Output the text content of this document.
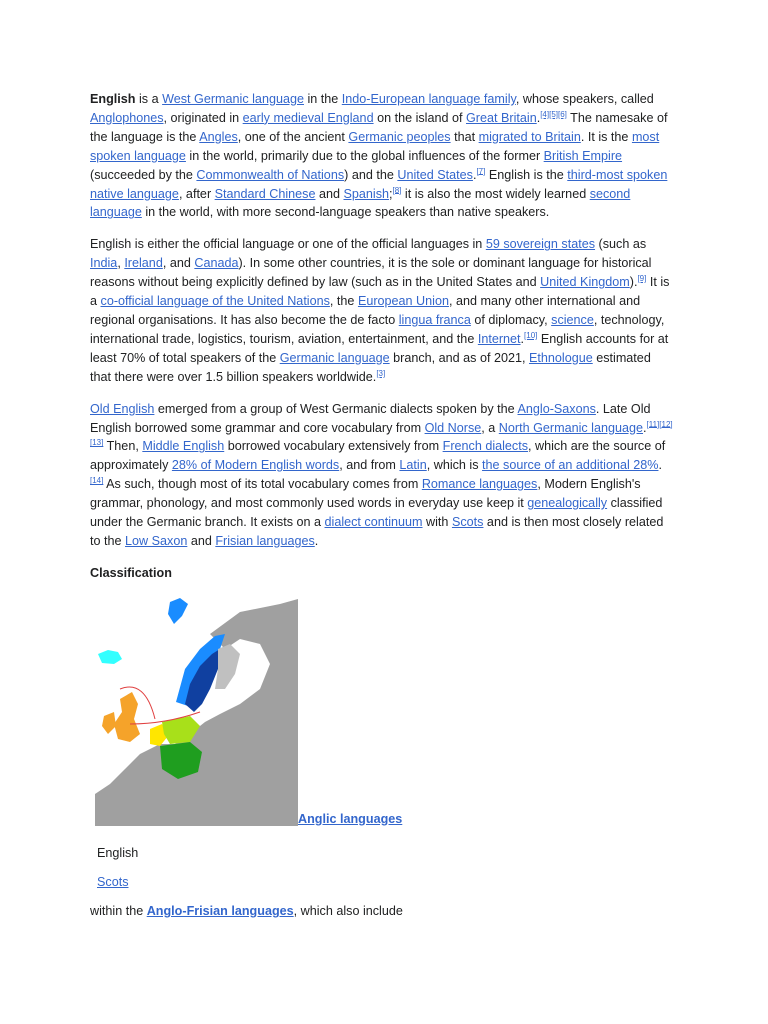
English is a West Germanic language in the Indo-European language family, whose speakers, called Anglophones, originated in early medieval England on the island of Great Britain.[4][5][6] The namesake of the language is the Angles, one of the ancient Germanic peoples that migrated to Britain. It is the most spoken language in the world, primarily due to the global influences of the former British Empire (succeeded by the Commonwealth of Nations) and the United States.[7] English is the third-most spoken native language, after Standard Chinese and Spanish;[8] it is also the most widely learned second language in the world, with more second-language speakers than native speakers.

English is either the official language or one of the official languages in 59 sovereign states (such as India, Ireland, and Canada). In some other countries, it is the sole or dominant language for historical reasons without being explicitly defined by law (such as in the United States and United Kingdom).[9] It is a co-official language of the United Nations, the European Union, and many other international and regional organisations. It has also become the de facto lingua franca of diplomacy, science, technology, international trade, logistics, tourism, aviation, entertainment, and the Internet.[10] English accounts for at least 70% of total speakers of the Germanic language branch, and as of 2021, Ethnologue estimated that there were over 1.5 billion speakers worldwide.[3]

Old English emerged from a group of West Germanic dialects spoken by the Anglo-Saxons. Late Old English borrowed some grammar and core vocabulary from Old Norse, a North Germanic language.[11][12][13] Then, Middle English borrowed vocabulary extensively from French dialects, which are the source of approximately 28% of Modern English words, and from Latin, which is the source of an additional 28%.[14] As such, though most of its total vocabulary comes from Romance languages, Modern English's grammar, phonology, and most commonly used words in everyday use keep it genealogically classified under the Germanic branch. It exists on a dialect continuum with Scots and is then most closely related to the Low Saxon and Frisian languages.

Classification
Anglic languages
English
Scots
within the Anglo-Frisian languages, which also include
